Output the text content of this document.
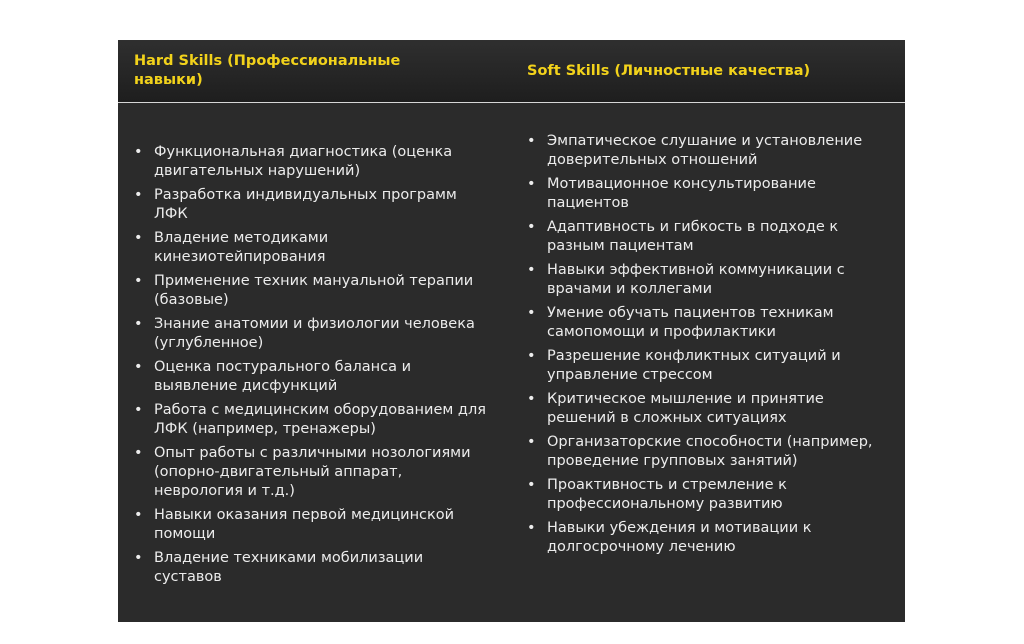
Hard Skills (Профессиональные навыки)
Soft Skills (Личностные качества)
• Функциональная диагностика (оценка двигательных нарушений)
• Разработка индивидуальных программ ЛФК
• Владение методиками кинезиотейпирования
• Применение техник мануальной терапии (базовые)
• Знание анатомии и физиологии человека (углубленное)
• Оценка постурального баланса и выявление дисфункций
• Работа с медицинским оборудованием для ЛФК (например, тренажеры)
• Опыт работы с различными нозологиями (опорно-двигательный аппарат, неврология и т.д.)
• Навыки оказания первой медицинской помощи
• Владение техниками мобилизации суставов
• Эмпатическое слушание и установление доверительных отношений
• Мотивационное консультирование пациентов
• Адаптивность и гибкость в подходе к разным пациентам
• Навыки эффективной коммуникации с врачами и коллегами
• Умение обучать пациентов техникам самопомощи и профилактики
• Разрешение конфликтных ситуаций и управление стрессом
• Критическое мышление и принятие решений в сложных ситуациях
• Организаторские способности (например, проведение групповых занятий)
• Проактивность и стремление к профессиональному развитию
• Навыки убеждения и мотивации к долгосрочному лечению
